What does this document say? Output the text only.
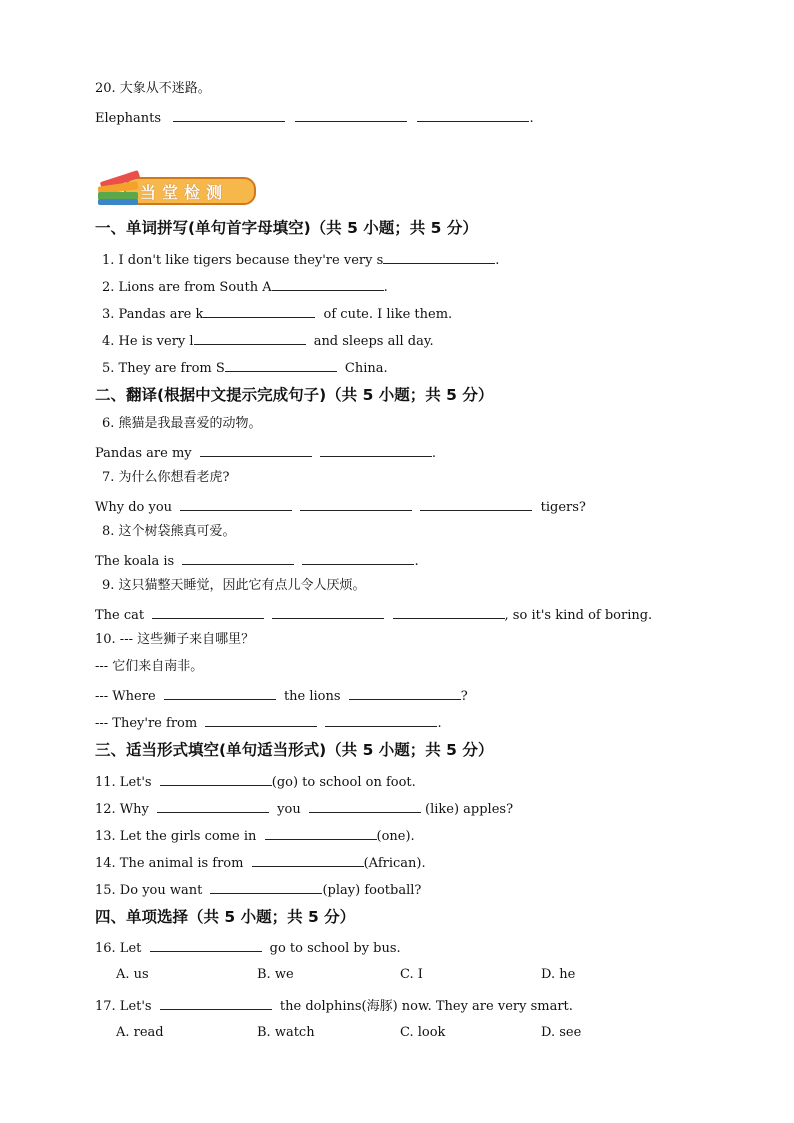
20. 大象从不迷路。
Elephants	.
当堂检测
一、单词拼写(单句首字母填空)（共 5 小题；共 5 分）
1. I don't like tigers because they're very s	.
2. Lions are from South A	.
3. Pandas are k	of cute. I like them.
4. He is very l	and sleeps all day.
5. They are from S	China.
二、翻译(根据中文提示完成句子)（共 5 小题；共 5 分）
6. 熊猫是我最喜爱的动物。
Pandas are my	.
7. 为什么你想看老虎?
Why do you	tigers?
8. 这个树袋熊真可爱。
The koala is	.
9. 这只猫整天睡觉，因此它有点儿令人厌烦。
The cat	, so it's kind of boring.
10. --- 这些狮子来自哪里？
--- 它们来自南非。
--- Where	the lions	?
--- They're from	.
三、适当形式填空(单句适当形式)（共 5 小题；共 5 分）
11. Let's	(go) to school on foot.
12. Why	you	(like) apples?
13. Let the girls come in	(one).
14. The animal is from	(African).
15. Do you want	(play) football?
四、单项选择（共 5 小题；共 5 分）
16. Let	go to school by bus.
A. us	B. we	C. I	D. he
17. Let's	the dolphins(海豚) now. They are very smart.
A. read	B. watch	C. look	D. see
